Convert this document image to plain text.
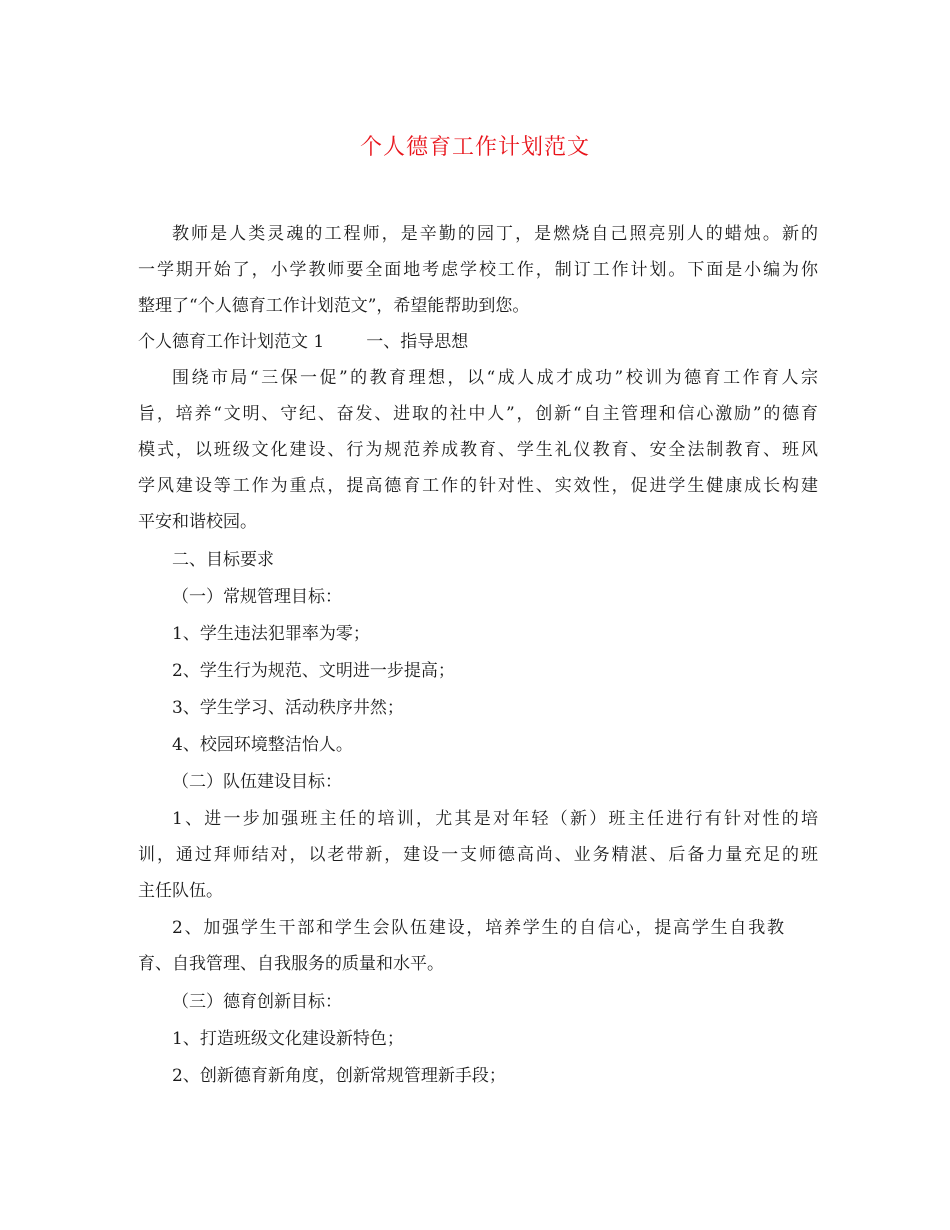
个人德育工作计划范文
教师是人类灵魂的工程师，是辛勤的园丁，是燃烧自己照亮别人的蜡烛。新的
一学期开始了，小学教师要全面地考虑学校工作，制订工作计划。下面是小编为你
整理了“个人德育工作计划范文”，希望能帮助到您。
个人德育工作计划范文 1 一、指导思想
围绕市局“三保一促”的教育理想，以“成人成才成功”校训为德育工作育人宗
旨，培养“文明、守纪、奋发、进取的社中人”，创新“自主管理和信心激励”的德育
模式，以班级文化建设、行为规范养成教育、学生礼仪教育、安全法制教育、班风
学风建设等工作为重点，提高德育工作的针对性、实效性，促进学生健康成长构建
平安和谐校园。
二、目标要求
（一）常规管理目标：
1、学生违法犯罪率为零；
2、学生行为规范、文明进一步提高；
3、学生学习、活动秩序井然；
4、校园环境整洁怡人。
（二）队伍建设目标：
1、进一步加强班主任的培训，尤其是对年轻（新）班主任进行有针对性的培
训，通过拜师结对，以老带新，建设一支师德高尚、业务精湛、后备力量充足的班
主任队伍。
2、加强学生干部和学生会队伍建设，培养学生的自信心，提高学生自我教
育、自我管理、自我服务的质量和水平。
（三）德育创新目标：
1、打造班级文化建设新特色；
2、创新德育新角度，创新常规管理新手段；
